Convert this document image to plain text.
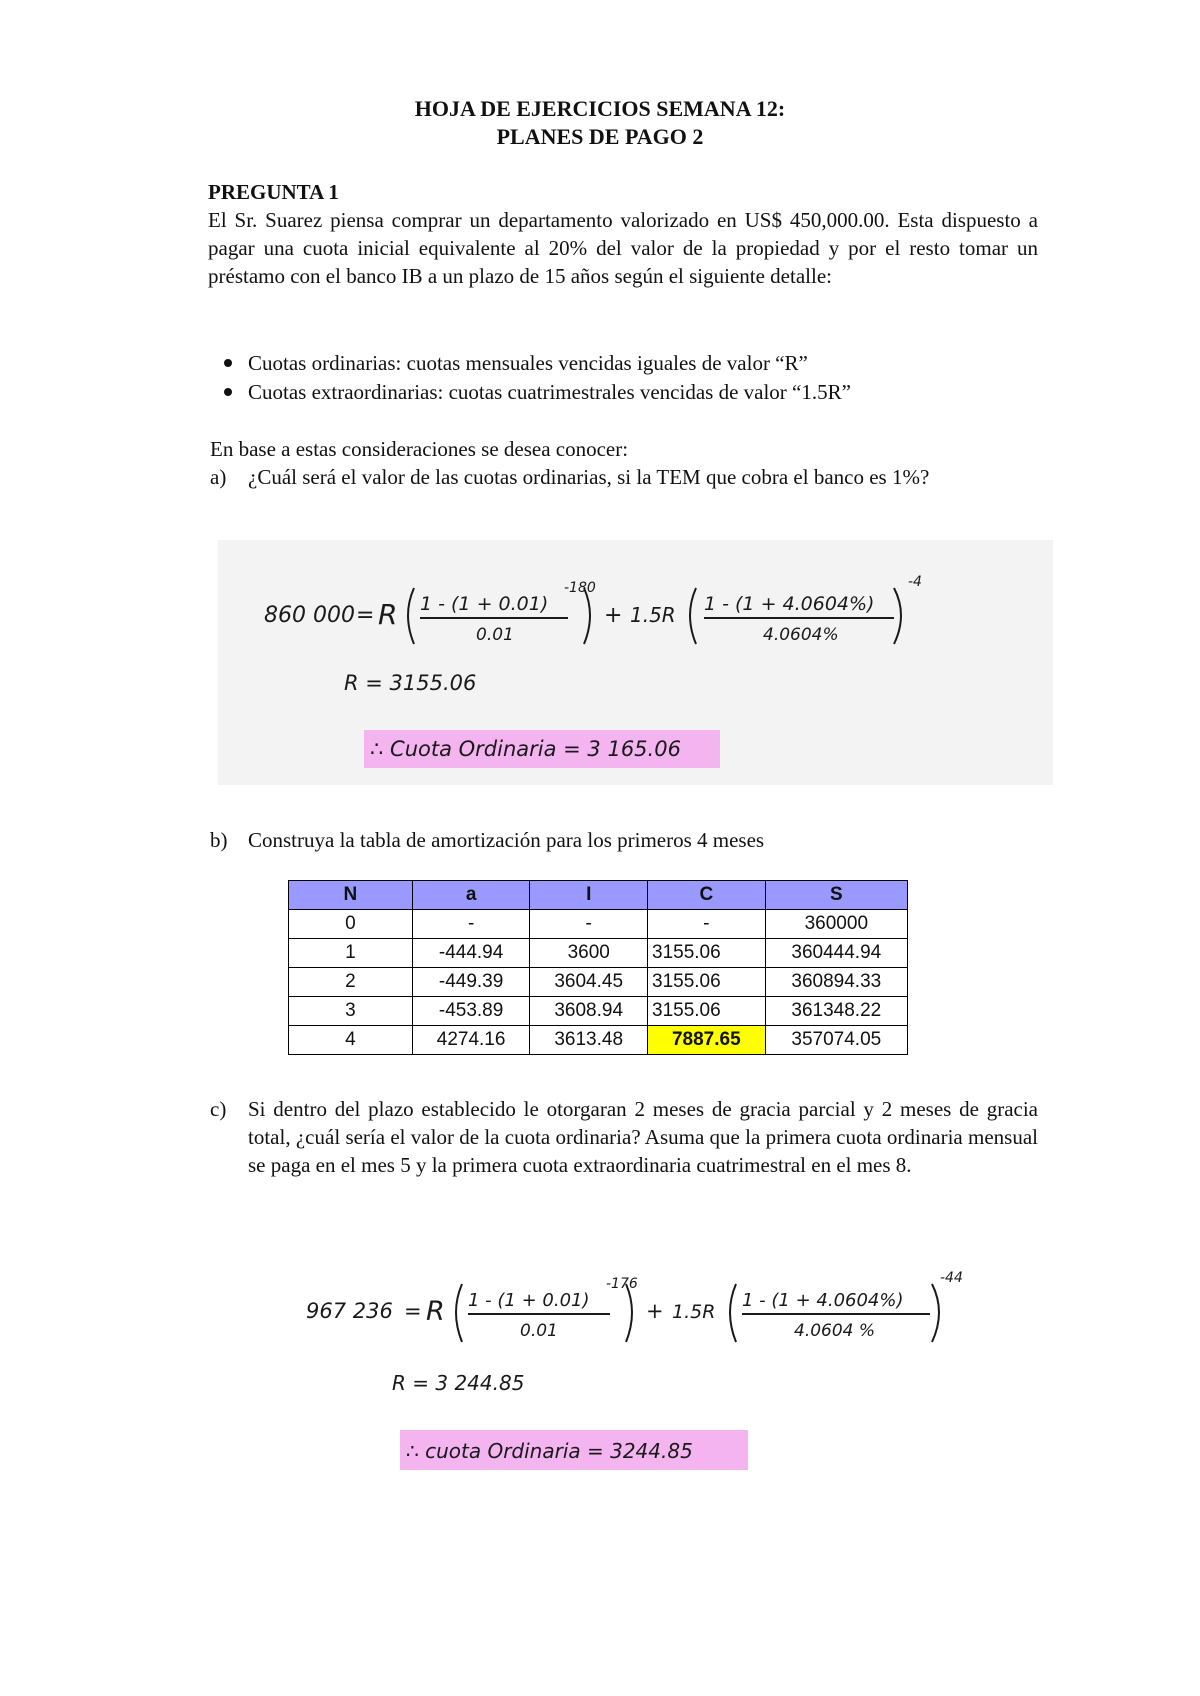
HOJA DE EJERCICIOS SEMANA 12:
PLANES DE PAGO 2
PREGUNTA 1
El Sr. Suarez piensa comprar un departamento valorizado en US$ 450,000.00. Esta dispuesto a pagar una cuota inicial equivalente al 20% del valor de la propiedad y por el resto tomar un préstamo con el banco IB a un plazo de 15 años según el siguiente detalle:
Cuotas ordinarias: cuotas mensuales vencidas iguales de valor “R”
Cuotas extraordinarias: cuotas cuatrimestrales vencidas de valor “1.5R”
En base a estas consideraciones se desea conocer:
a) ¿Cuál será el valor de las cuotas ordinarias, si la TEM que cobra el banco es 1%?
860 000 = R 1 - (1 + 0.01)
-180
0.01
+ 1.5R 1 - (1 + 4.0604%)
-4
4.0604%
R = 3155.06
∴ Cuota Ordinaria = 3 165.06
b) Construya la tabla de amortización para los primeros 4 meses
N	a	I	C	S
0	-	-	-	360000
1	-444.94	3600	3155.06	360444.94
2	-449.39	3604.45	3155.06	360894.33
3	-453.89	3608.94	3155.06	361348.22
4	4274.16	3613.48	7887.65	357074.05
c) Si dentro del plazo establecido le otorgaran 2 meses de gracia parcial y 2 meses de gracia total, ¿cuál sería el valor de la cuota ordinaria? Asuma que la primera cuota ordinaria mensual se paga en el mes 5 y la primera cuota extraordinaria cuatrimestral en el mes 8.
967 236 = R 1 - (1 + 0.01)
-176
0.01
+ 1.5R
1 - (1 + 4.0604%)
-44
4.0604 %
R = 3 244.85
∴ cuota Ordinaria = 3244.85
